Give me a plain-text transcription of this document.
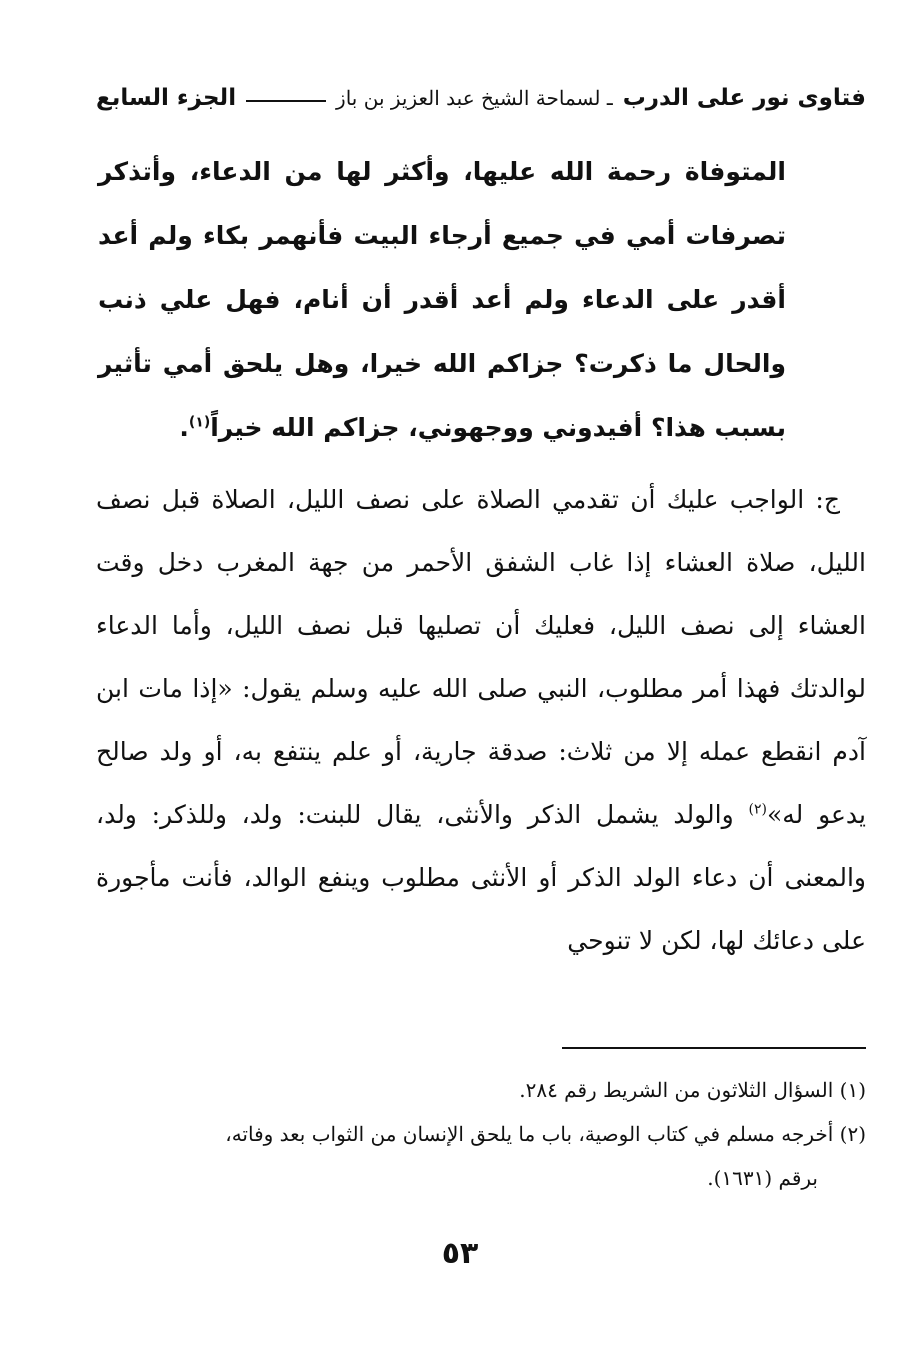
فتاوى نور على الدرب
ـ لسماحة الشيخ عبد العزيز بن باز
الجزء السابع

المتوفاة رحمة الله عليها، وأكثر لها من الدعاء، وأتذكر تصرفات أمي في جميع أرجاء البيت فأنهمر بكاء ولم أعد أقدر على الدعاء ولم أعد أقدر أن أنام، فهل علي ذنب والحال ما ذكرت؟ جزاكم الله خيرا، وهل يلحق أمي تأثير بسبب هذا؟ أفيدوني ووجهوني، جزاكم الله خيراً$^{(١)}$.

ج: الواجب عليك أن تقدمي الصلاة على نصف الليل، الصلاة قبل نصف الليل، صلاة العشاء إذا غاب الشفق الأحمر من جهة المغرب دخل وقت العشاء إلى نصف الليل، فعليك أن تصليها قبل نصف الليل، وأما الدعاء لوالدتك فهذا أمر مطلوب، النبي صلى الله عليه وسلم يقول: «إذا مات ابن آدم انقطع عمله إلا من ثلاث: صدقة جارية، أو علم ينتفع به، أو ولد صالح يدعو له»$^{(٢)}$ والولد يشمل الذكر والأنثى، يقال للبنت: ولد، وللذكر: ولد، والمعنى أن دعاء الولد الذكر أو الأنثى مطلوب وينفع الوالد، فأنت مأجورة على دعائك لها، لكن لا تنوحي

(١) السؤال الثلاثون من الشريط رقم ٢٨٤.

(٢) أخرجه مسلم في كتاب الوصية، باب ما يلحق الإنسان من الثواب بعد وفاته،

برقم (١٦٣١).

٥٣
